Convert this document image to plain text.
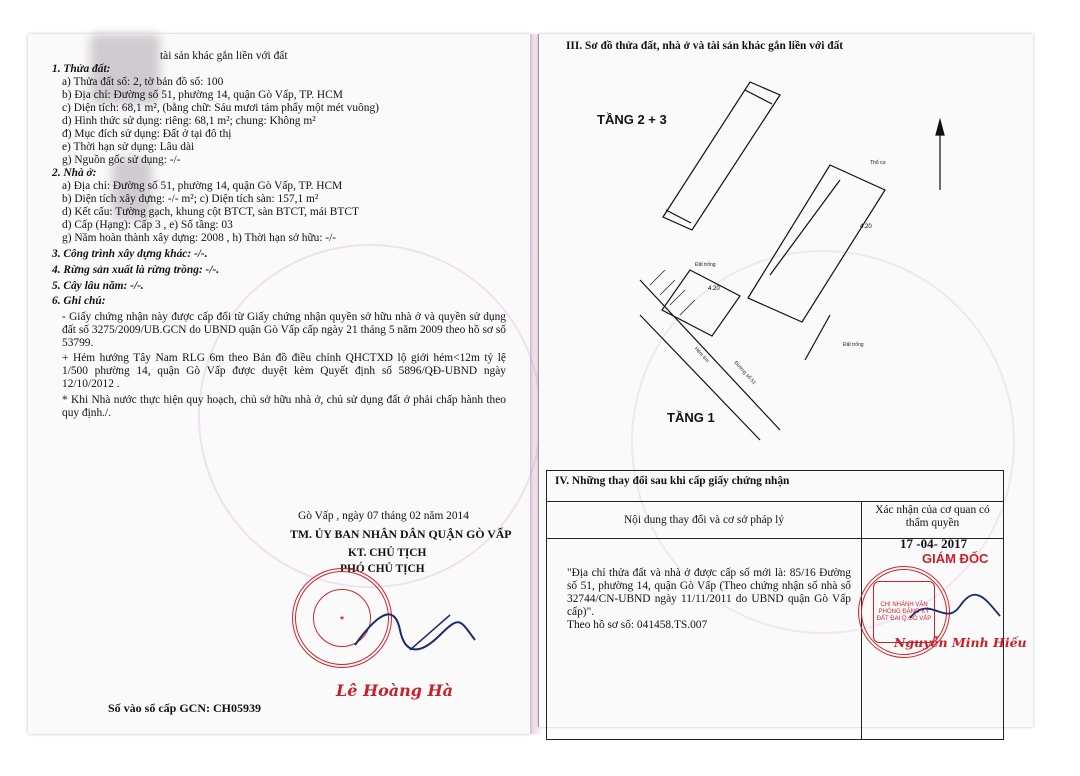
tài sản khác gắn liền với đất
1. Thửa đất:
a) Thửa đất số: 2, tờ bản đồ số: 100
b) Địa chỉ: Đường số 51, phường 14, quận Gò Vấp, TP. HCM
c) Diện tích: 68,1 m², (bằng chữ: Sáu mươi tám phẩy một mét vuông)
d) Hình thức sử dụng: riêng: 68,1 m²; chung: Không m²
đ) Mục đích sử dụng: Đất ở tại đô thị
e) Thời hạn sử dụng: Lâu dài
g) Nguồn gốc sử dụng: -/-
2. Nhà ở:
a) Địa chỉ: Đường số 51, phường 14, quận Gò Vấp, TP. HCM
b) Diện tích xây dựng: -/- m²; c) Diện tích sàn: 157,1 m²
d) Kết cấu: Tường gạch, khung cột BTCT, sàn BTCT, mái BTCT
d) Cấp (Hạng): Cấp 3 , e) Số tầng: 03
g) Năm hoàn thành xây dựng: 2008 , h) Thời hạn sở hữu: -/-
3. Công trình xây dựng khác: -/-.
4. Rừng sản xuất là rừng trồng: -/-.
5. Cây lâu năm: -/-.
6. Ghi chú:
- Giấy chứng nhận này được cấp đổi từ Giấy chứng nhận quyền sở hữu nhà ở và quyền sử dụng đất số 3275/2009/UB.GCN do UBND quận Gò Vấp cấp ngày 21 tháng 5 năm 2009 theo hồ sơ số 53799.
+ Hẻm hướng Tây Nam RLG 6m theo Bản đồ điều chỉnh QHCTXD lộ giới hẻm<12m tỷ lệ 1/500 phường 14, quận Gò Vấp được duyệt kèm Quyết định số 5896/QĐ-UBND ngày 12/10/2012 .
* Khi Nhà nước thực hiện quy hoạch, chủ sở hữu nhà ở, chủ sử dụng đất ở phải chấp hành theo quy định./.
Gò Vấp , ngày 07 tháng 02 năm 2014
TM. ỦY BAN NHÂN DÂN QUẬN GÒ VẤP
KT. CHỦ TỊCH
PHÓ CHỦ TỊCH
★
Lê Hoàng Hà
Số vào sổ cấp GCN: CH05939
III. Sơ đồ thửa đất, nhà ở và tài sản khác gắn liền với đất
4.20
4.20
TẦNG 2 + 3
TẦNG 1
Thổ cư
Đất trống
Đất trống
Hẻm 6m
Đường số 51
IV. Những thay đổi sau khi cấp giấy chứng nhận	
Nội dung thay đổi và cơ sở pháp lý	Xác nhận của cơ quan có thẩm quyền

"Địa chỉ thửa đất và nhà ở được cấp số mới là: 85/16 Đường số 51, phường 14, quận Gò Vấp (Theo chứng nhận số nhà số 32744/CN-UBND ngày 11/11/2011 do UBND quận Gò Vấp cấp)".
Theo hồ sơ số: 041458.TS.007	

17 -04- 2017
GIÁM ĐỐC
CHI NHÁNH VĂN PHÒNG ĐĂNG KÝ ĐẤT ĐAI Q.GÒ VẤP
Nguyễn Minh Hiếu
